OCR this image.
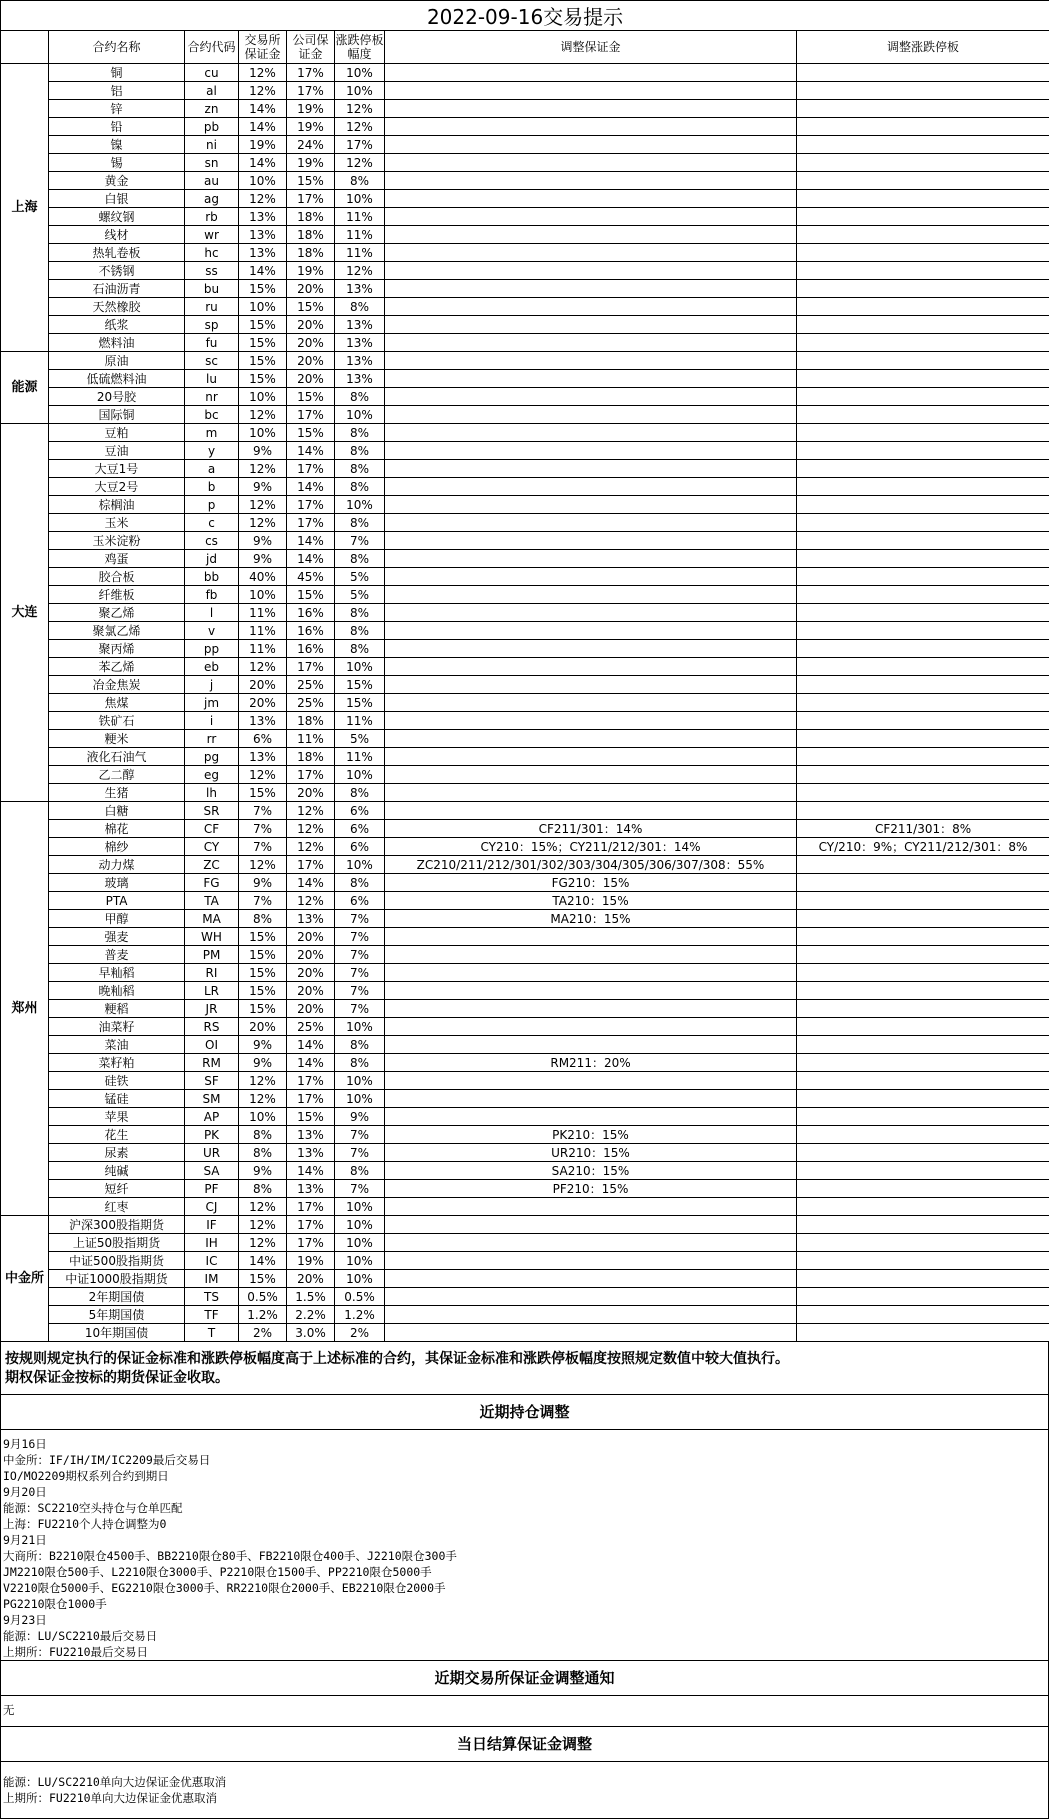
2022-09-16交易提示							
	合约名称	合约代码	交易所保证金	公司保证金	涨跌停板幅度	调整保证金	调整涨跌停板
上海	铜	cu	12%	17%	10%		
	铝	al	12%	17%	10%		
	锌	zn	14%	19%	12%		
	铅	pb	14%	19%	12%		
	镍	ni	19%	24%	17%		
	锡	sn	14%	19%	12%		
	黄金	au	10%	15%	8%		
	白银	ag	12%	17%	10%		
	螺纹钢	rb	13%	18%	11%		
	线材	wr	13%	18%	11%		
	热轧卷板	hc	13%	18%	11%		
	不锈钢	ss	14%	19%	12%		
	石油沥青	bu	15%	20%	13%		
	天然橡胶	ru	10%	15%	8%		
	纸浆	sp	15%	20%	13%		
	燃料油	fu	15%	20%	13%		
能源	原油	sc	15%	20%	13%		
	低硫燃料油	lu	15%	20%	13%		
	20号胶	nr	10%	15%	8%		
	国际铜	bc	12%	17%	10%		
大连	豆粕	m	10%	15%	8%		
	豆油	y	9%	14%	8%		
	大豆1号	a	12%	17%	8%		
	大豆2号	b	9%	14%	8%		
	棕榈油	p	12%	17%	10%		
	玉米	c	12%	17%	8%		
	玉米淀粉	cs	9%	14%	7%		
	鸡蛋	jd	9%	14%	8%		
	胶合板	bb	40%	45%	5%		
	纤维板	fb	10%	15%	5%		
	聚乙烯	l	11%	16%	8%		
	聚氯乙烯	v	11%	16%	8%		
	聚丙烯	pp	11%	16%	8%		
	苯乙烯	eb	12%	17%	10%		
	冶金焦炭	j	20%	25%	15%		
	焦煤	jm	20%	25%	15%		
	铁矿石	i	13%	18%	11%		
	粳米	rr	6%	11%	5%		
	液化石油气	pg	13%	18%	11%		
	乙二醇	eg	12%	17%	10%		
	生猪	lh	15%	20%	8%		
郑州	白糖	SR	7%	12%	6%		
	棉花	CF	7%	12%	6%	CF211/301：14%	CF211/301：8%
	棉纱	CY	7%	12%	6%	CY210：15%；CY211/212/301：14%	CY/210：9%；CY211/212/301：8%
	动力煤	ZC	12%	17%	10%	ZC210/211/212/301/302/303/304/305/306/307/308：55%	
	玻璃	FG	9%	14%	8%	FG210：15%	
	PTA	TA	7%	12%	6%	TA210：15%	
	甲醇	MA	8%	13%	7%	MA210：15%	
	强麦	WH	15%	20%	7%		
	普麦	PM	15%	20%	7%		
	早籼稻	RI	15%	20%	7%		
	晚籼稻	LR	15%	20%	7%		
	粳稻	JR	15%	20%	7%		
	油菜籽	RS	20%	25%	10%		
	菜油	OI	9%	14%	8%		
	菜籽粕	RM	9%	14%	8%	RM211：20%	
	硅铁	SF	12%	17%	10%		
	锰硅	SM	12%	17%	10%		
	苹果	AP	10%	15%	9%		
	花生	PK	8%	13%	7%	PK210：15%	
	尿素	UR	8%	13%	7%	UR210：15%	
	纯碱	SA	9%	14%	8%	SA210：15%	
	短纤	PF	8%	13%	7%	PF210：15%	
	红枣	CJ	12%	17%	10%		
中金所	沪深300股指期货	IF	12%	17%	10%		
	上证50股指期货	IH	12%	17%	10%		
	中证500股指期货	IC	14%	19%	10%		
	中证1000股指期货	IM	15%	20%	10%		
	2年期国债	TS	0.5%	1.5%	0.5%		
	5年期国债	TF	1.2%	2.2%	1.2%		
	10年期国债	T	2%	3.0%	2%		
按规则规定执行的保证金标准和涨跌停板幅度高于上述标准的合约，其保证金标准和涨跌停板幅度按照规定数值中较大值执行。
期权保证金按标的期货保证金收取。
近期持仓调整
9月16日
中金所：IF/IH/IM/IC2209最后交易日
IO/MO2209期权系列合约到期日
9月20日
能源：SC2210空头持仓与仓单匹配
上海：FU2210个人持仓调整为0
9月21日
大商所：B2210限仓4500手、BB2210限仓80手、FB2210限仓400手、J2210限仓300手
JM2210限仓500手、L2210限仓3000手、P2210限仓1500手、PP2210限仓5000手
V2210限仓5000手、EG2210限仓3000手、RR2210限仓2000手、EB2210限仓2000手
PG2210限仓1000手
9月23日
能源：LU/SC2210最后交易日
上期所：FU2210最后交易日
近期交易所保证金调整通知
无
当日结算保证金调整
能源：LU/SC2210单向大边保证金优惠取消
上期所：FU2210单向大边保证金优惠取消
